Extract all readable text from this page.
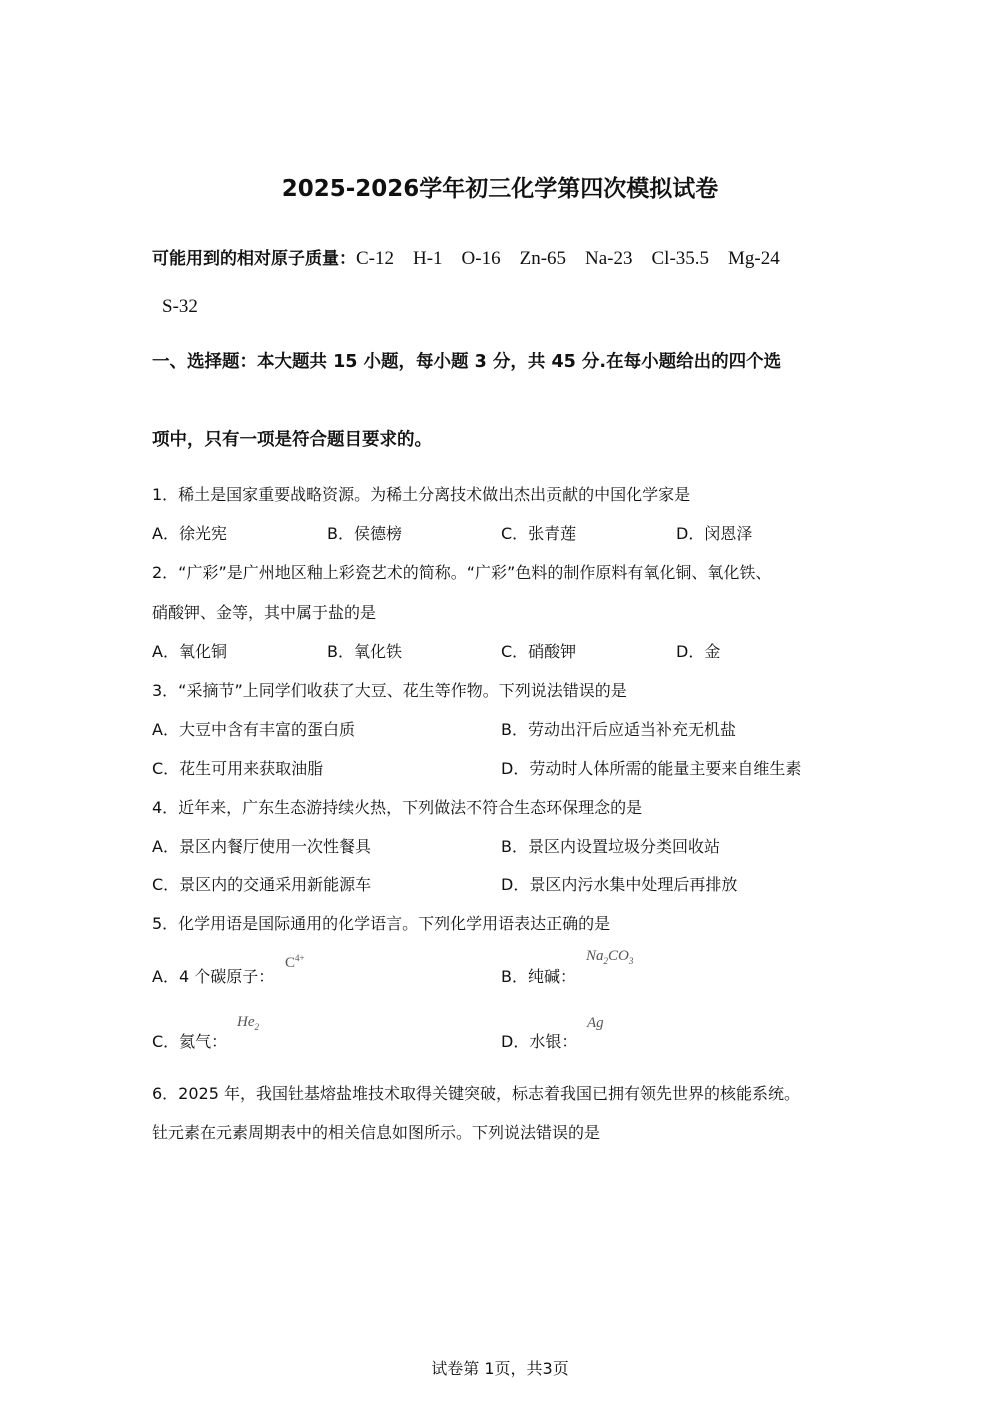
2025-2026学年初三化学第四次模拟试卷
可能用到的相对原子质量：C-12    H-1    O-16    Zn-65    Na-23    Cl-35.5    Mg-24
S-32
一、选择题：本大题共 15 小题，每小题 3 分，共 45 分.在每小题给出的四个选
项中，只有一项是符合题目要求的。
1．稀土是国家重要战略资源。为稀土分离技术做出杰出贡献的中国化学家是
A．徐光宪	B．侯德榜	C．张青莲	D．闵恩泽
2．“广彩”是广州地区釉上彩瓷艺术的简称。“广彩”色料的制作原料有氧化铜、氧化铁、
硝酸钾、金等，其中属于盐的是
A．氧化铜	B．氧化铁	C．硝酸钾	D．金
3．“采摘节”上同学们收获了大豆、花生等作物。下列说法错误的是
A．大豆中含有丰富的蛋白质	B．劳动出汗后应适当补充无机盐
C．花生可用来获取油脂	D．劳动时人体所需的能量主要来自维生素
4．近年来，广东生态游持续火热，下列做法不符合生态环保理念的是
A．景区内餐厅使用一次性餐具	B．景区内设置垃圾分类回收站
C．景区内的交通采用新能源车	D．景区内污水集中处理后再排放
5．化学用语是国际通用的化学语言。下列化学用语表达正确的是
A．4 个碳原子：
$C^{4+}$
B．纯碱：
$Na_2CO_3$
C．氦气：
$He_2$
D．水银：
Ag
6．2025 年，我国钍基熔盐堆技术取得关键突破，标志着我国已拥有领先世界的核能系统。
钍元素在元素周期表中的相关信息如图所示。下列说法错误的是
试卷第 1页，共3页
